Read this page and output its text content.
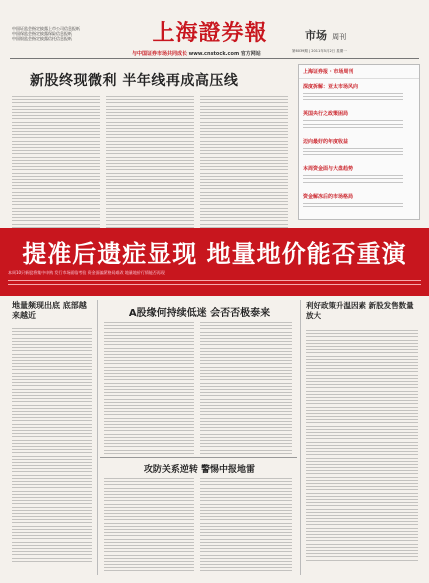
中国证监会指定披露上市公司信息报纸
中国保监会指定披露保险信息报纸
中国银监会指定披露信托信息报纸	上海證券報
与中国证券市场共同成长 www.cnstock.com 官方网站
市场 周刊
第6039期 | 2011年5月2日 星期一
新股终现微利 半年线再成高压线
上海证券报 · 市场周刊
深度拆解：亚太市场风向
英国央行之政策困局
迈向最好的年度收益
本周资金面与大盘趋势
资金解冻后的市场格局
提准后遗症显现 地量地价能否重演
本周10只新股将集中申购 发行市场面临考验 资金面偏紧格局难改 地量地价行情能否再现
地量频现出底 底部越来越近	A股缘何持续低迷 会否否极泰来
攻防关系逆转 警惕中报地雷
利好政策升温因素 新股发售数量放大
